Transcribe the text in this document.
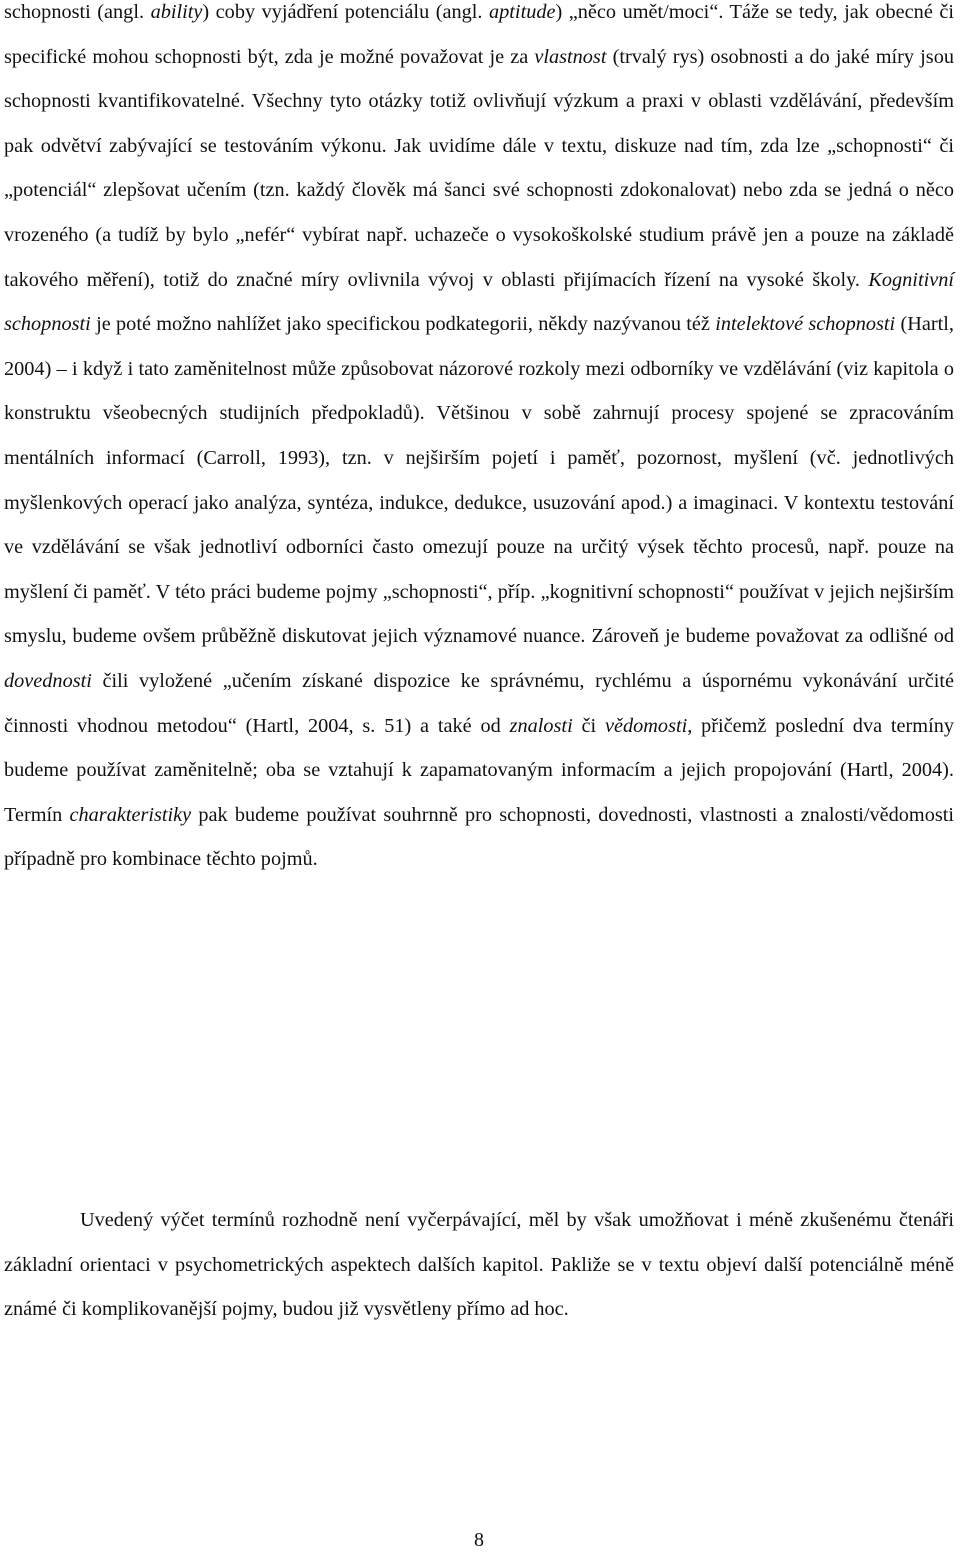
schopnosti (angl. ability) coby vyjádření potenciálu (angl. aptitude) „něco umět/moci“. Tážе se tedy, jak obecné či specifické mohou schopnosti být, zda je možné považovat je za vlastnost (trvalý rys) osobnosti a do jaké míry jsou schopnosti kvantifikovatelné. Všechny tyto otázky totiž ovlivňují výzkum a praxi v oblasti vzdělávání, především pak odvětví zabývající se testováním výkonu. Jak uvidíme dále v textu, diskuze nad tím, zda lze „schopnosti“ či „potenciál“ zlepšovat učením (tzn. každý člověk má šanci své schopnosti zdokonalovat) nebo zda se jedná o něco vrozeného (a tudíž by bylo „nefér“ vybírat např. uchazeče o vysokoškolské studium právě jen a pouze na základě takového měření), totiž do značné míry ovlivnila vývoj v oblasti přijímacích řízení na vysoké školy. Kognitivní schopnosti je poté možno nahlížet jako specifickou podkategorii, někdy nazývanou též intelektové schopnosti (Hartl, 2004) – i když i tato zaměnitelnost může způsobovat názorové rozkoly mezi odborníky ve vzdělávání (viz kapitola o konstruktu všeobecných studijních předpokladů). Většinou v sobě zahrnují procesy spojené se zpracováním mentálních informací (Carroll, 1993), tzn. v nejširším pojetí i paměť, pozornost, myšlení (vč. jednotlivých myšlenkových operací jako analýza, syntéza, indukce, dedukce, usuzování apod.) a imaginaci. V kontextu testování ve vzdělávání se však jednotliví odborníci často omezují pouze na určitý výsek těchto procesů, např. pouze na myšlení či paměť. V této práci budeme pojmy „schopnosti“, příp. „kognitivní schopnosti“ používat v jejich nejširším smyslu, budeme ovšem průběžně diskutovat jejich významové nuance. Zároveň je budeme považovat za odlišné od dovednosti čili vyložené „učením získané dispozice ke správnému, rychlému a úspornému vykonávání určité činnosti vhodnou metodou“ (Hartl, 2004, s. 51) a také od znalosti či vědomosti, přičemž poslední dva termíny budeme používat zaměnitelně; oba se vztahují k zapamatovaným informacím a jejich propojování (Hartl, 2004). Termín charakteristiky pak budeme používat souhrnně pro schopnosti, dovednosti, vlastnosti a znalosti/vědomosti případně pro kombinace těchto pojmů.

Uvedený výčet termínů rozhodně není vyčerpávající, měl by však umožňovat i méně zkušenému čtenáři základní orientaci v psychometrických aspektech dalších kapitol. Pakliže se v textu objeví další potenciálně méně známé či komplikovanější pojmy, budou již vysvětleny přímo ad hoc.

8
